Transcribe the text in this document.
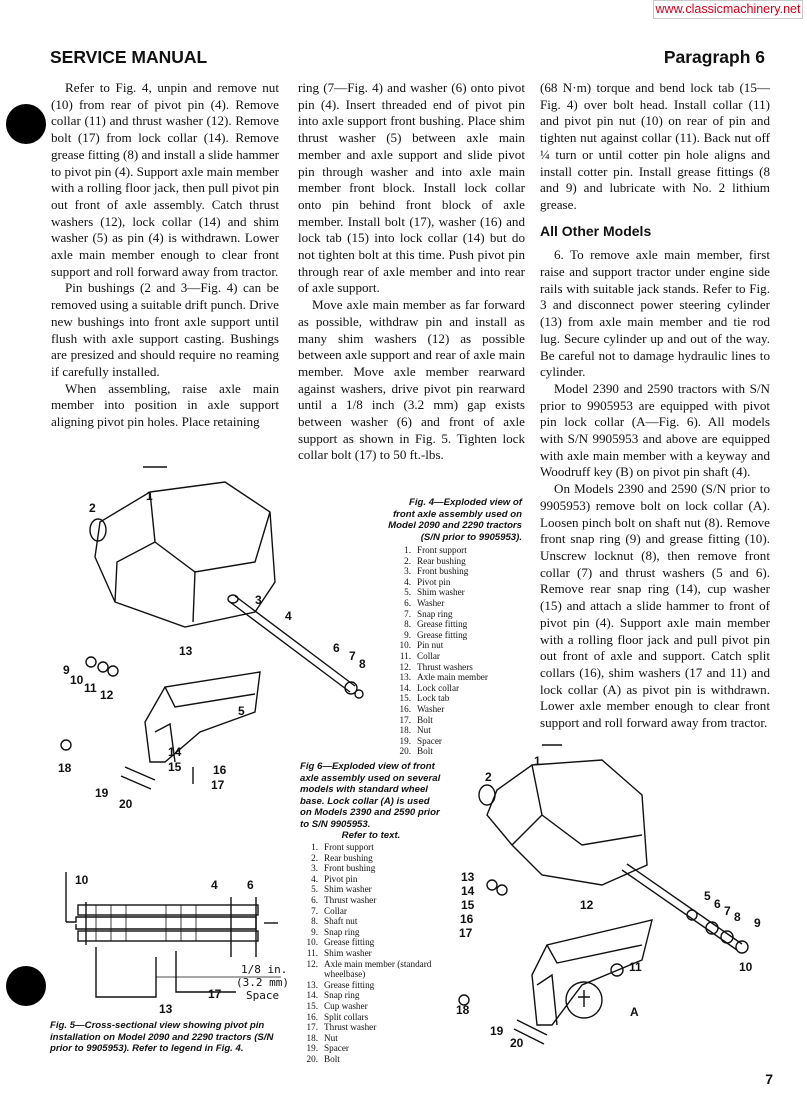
www.classicmachinery.net
SERVICE MANUAL	Paragraph 6

Refer to Fig. 4, unpin and remove nut (10) from rear of pivot pin (4). Remove collar (11) and thrust washer (12). Remove bolt (17) from lock collar (14). Remove grease fitting (8) and install a slide hammer to pivot pin (4). Support axle main member with a rolling floor jack, then pull pivot pin out front of axle assembly. Catch thrust washers (12), lock collar (14) and shim washer (5) as pin (4) is withdrawn. Lower axle main member enough to clear front support and roll forward away from tractor.

Pin bushings (2 and 3—Fig. 4) can be removed using a suitable drift punch. Drive new bushings into front axle support until flush with axle support casting. Bushings are presized and should require no reaming if carefully installed.

When assembling, raise axle main member into position in axle support aligning pivot pin holes. Place retaining

ring (7—Fig. 4) and washer (6) onto pivot pin (4). Insert threaded end of pivot pin into axle support front bushing. Place shim thrust washer (5) between axle main member and axle support and slide pivot pin through washer and into axle main member front block. Install lock collar onto pin behind front block of axle member. Install bolt (17), washer (16) and lock tab (15) into lock collar (14) but do not tighten bolt at this time. Push pivot pin through rear of axle member and into rear of axle support.

Move axle main member as far forward as possible, withdraw pin and install as many shim washers (12) as possible between axle support and rear of axle main member. Move axle member rearward against washers, drive pivot pin rearward until a 1/8 inch (3.2 mm) gap exists between washer (6) and front of axle support as shown in Fig. 5. Tighten lock collar bolt (17) to 50 ft.-lbs.

(68 N·m) torque and bend lock tab (15—Fig. 4) over bolt head. Install collar (11) and pivot pin nut (10) on rear of pin and tighten nut against collar (11). Back nut off ¼ turn or until cotter pin hole aligns and install cotter pin. Install grease fittings (8 and 9) and lubricate with No. 2 lithium grease.

All Other Models

6. To remove axle main member, first raise and support tractor under engine side rails with suitable jack stands. Refer to Fig. 3 and disconnect power steering cylinder (13) from axle main member and tie rod lug. Secure cylinder up and out of the way. Be careful not to damage hydraulic lines to cylinder.

Model 2390 and 2590 tractors with S/N prior to 9905953 are equipped with pivot pin lock collar (A—Fig. 6). All models with S/N 9905953 and above are equipped with axle main member with a keyway and Woodruff key (B) on pivot pin shaft (4).

On Models 2390 and 2590 (S/N prior to 9905953) remove bolt on lock collar (A). Loosen pinch bolt on shaft nut (8). Remove front snap ring (9) and grease fitting (10). Unscrew locknut (8), then remove front collar (7) and thrust washers (5 and 6). Remove rear snap ring (14), cup washer (15) and attach a slide hammer to front of pivot pin (4). Support axle main member with a rolling floor jack and pull pivot pin out front of axle and support. Catch split collars (16), shim washers (17 and 11) and lock collar (A) as pivot pin is withdrawn. Lower axle member enough to clear front support and roll forward away from tractor.

1
2
3
4
5
6
7
8
9
10
11 12
13
14
15	16
17
18
19
20
Fig. 4—Exploded view of front axle assembly used on Model 2090 and 2290 tractors (S/N prior to 9905953).
1. Front support
2. Rear bushing
3. Front bushing
4. Pivot pin
5. Shim washer
6. Washer
7. Snap ring
8. Grease fitting
9. Grease fitting
10. Pin nut
11. Collar
12. Thrust washers
13. Axle main member
14. Lock collar
15. Lock tab
16. Washer
17. Bolt
18. Nut
19. Spacer
20. Bolt
Fig 6—Exploded view of front axle assembly used on several models with standard wheel base. Lock collar (A) is used on Models 2390 and 2590 prior to S/N 9905953.
Refer to text.
1. Front support
2. Rear bushing
3. Front bushing
4. Pivot pin
5. Shim washer
6. Thrust washer
7. Collar
8. Shaft nut
9. Snap ring
10. Grease fitting
11. Shim washer
12. Axle main member (standard wheelbase)
13. Grease fitting
14. Snap ring
15. Cup washer
16. Split collars
17. Thrust washer
18. Nut
19. Spacer
20. Bolt
10	4 6
17
13
1/8 in.
(3.2 mm)
Space
Fig. 5—Cross-sectional view showing pivot pin installation on Model 2090 and 2290 tractors (S/N prior to 9905953). Refer to legend in Fig. 4.
1
2
5
6 7 8 9
10
11
12
13
14
15
16
17
18
19
20
A
7
